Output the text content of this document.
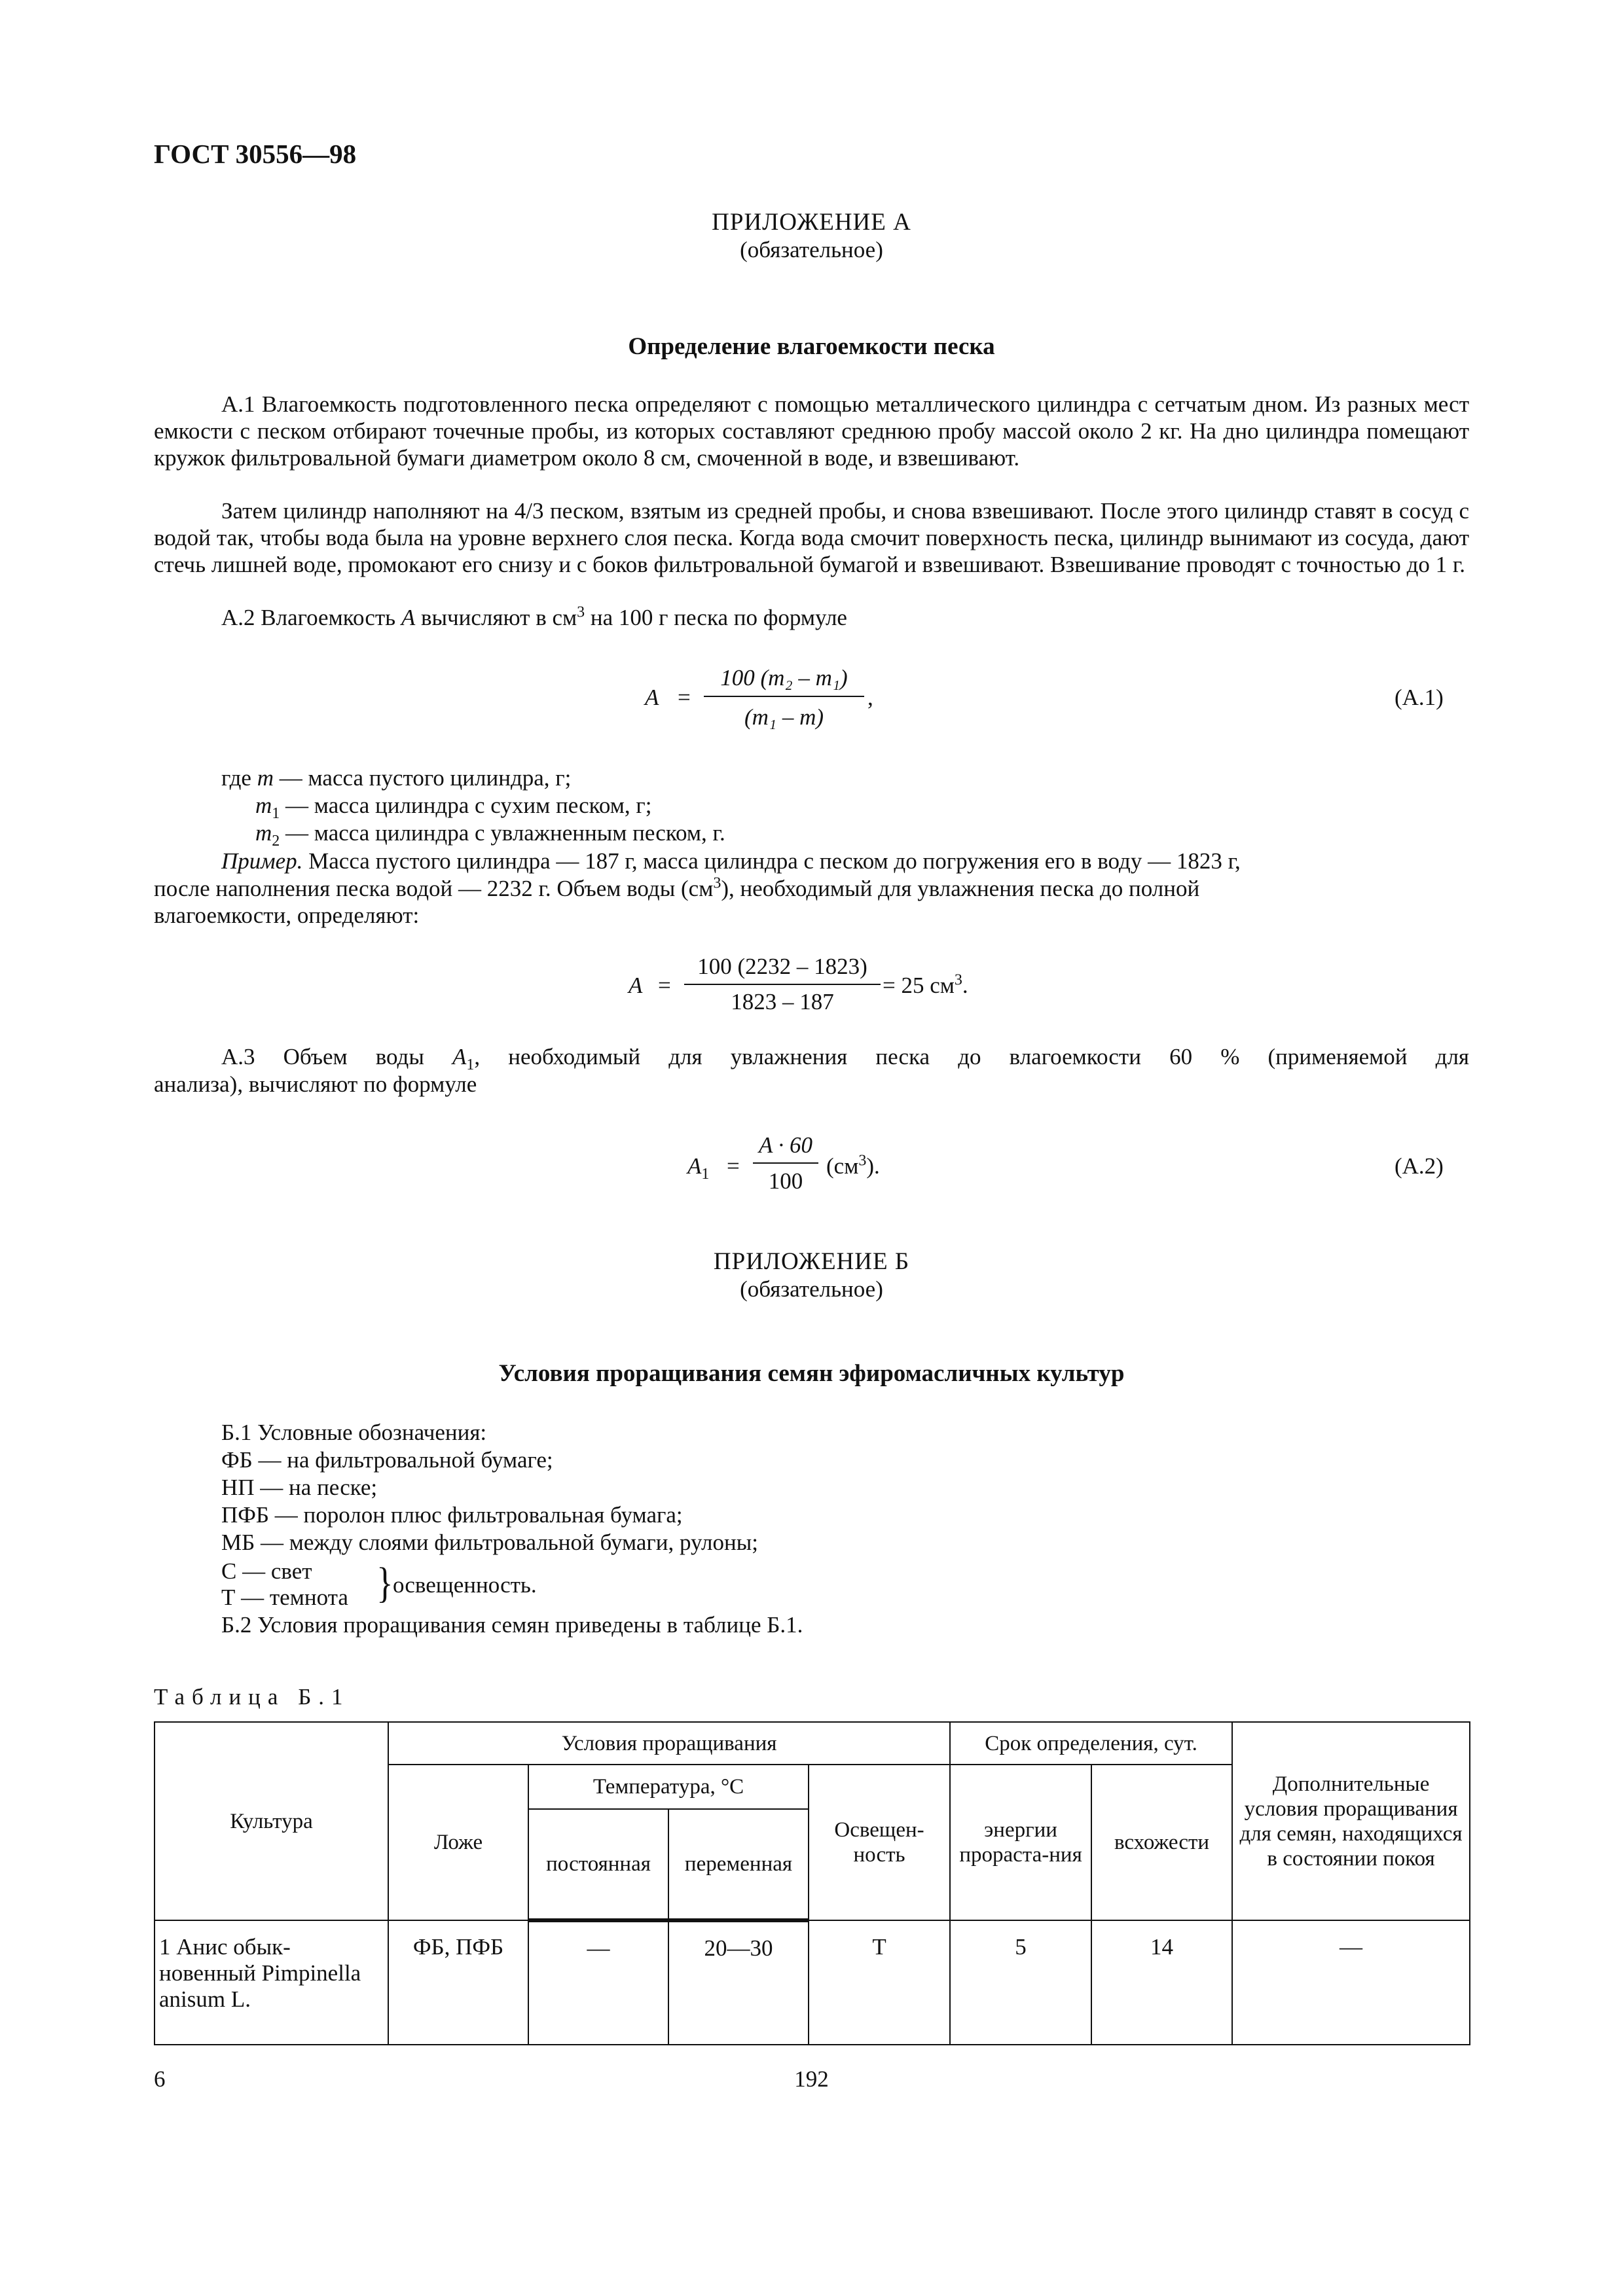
ГОСТ 30556—98
ПРИЛОЖЕНИЕ А
(обязательное)
Определение влагоемкости песка
А.1 Влагоемкость подготовленного песка определяют с помощью металлического цилиндра с сетчатым дном. Из разных мест емкости с песком отбирают точечные пробы, из которых составляют среднюю пробу массой около 2 кг. На дно цилиндра помещают кружок фильтровальной бумаги диаметром около 8 см, смоченной в воде, и взвешивают.
Затем цилиндр наполняют на 4/3 песком, взятым из средней пробы, и снова взвешивают. После этого цилиндр ставят в сосуд с водой так, чтобы вода была на уровне верхнего слоя песка. Когда вода смочит поверхность песка, цилиндр вынимают из сосуда, дают стечь лишней воде, промокают его снизу и с боков фильтровальной бумагой и взвешивают. Взвешивание проводят с точностью до 1 г.
А.2 Влагоемкость A вычисляют в $см^3$ на 100 г песка по формуле
A =
100 (m₂ – m₁)
(m₁ – m)
,	(А.1)
где m — масса пустого цилиндра, г;
$m_1$ — масса цилиндра с сухим песком, г;
$m_2$ — масса цилиндра с увлажненным песком, г.
Пример. Масса пустого цилиндра — 187 г, масса цилиндра с песком до погружения его в воду — 1823 г,
после наполнения песка водой — 2232 г. Объем воды $(см^3)$, необходимый для увлажнения песка до полной
влагоемкости, определяют:
A =
100 (2232 – 1823)
1823 – 187
= 25 $см^3$.
А.3 Объем воды $A_1$, необходимый для увлажнения песка до влагоемкости 60 % (применяемой для
анализа), вычисляют по формуле
$A_1$ =
A · 60
100
$(см^3)$.	(А.2)
ПРИЛОЖЕНИЕ Б
(обязательное)
Условия проращивания семян эфиромасличных культур
Б.1 Условные обозначения:
ФБ — на фильтровальной бумаге;
НП — на песке;
ПФБ — поролон плюс фильтровальная бумага;
МБ — между слоями фильтровальной бумаги, рулоны;
С — свет
Т — темнота } освещенность.
Б.2 Условия проращивания семян приведены в таблице Б.1.
Таблица Б.1
Культура	Условия проращивания				Срок определения, сут.		Дополнительные условия проращивания для семян, находящихся в состоянии покоя
	Ложе	Температура, °С		Освещен-ность	энергии прораста-ния	всхожести	
		постоянная	переменная				
1 Анис обык-новенный Pimpinella anisum L.	ФБ, ПФБ	—	20—30	Т	5	14	—
6	192
